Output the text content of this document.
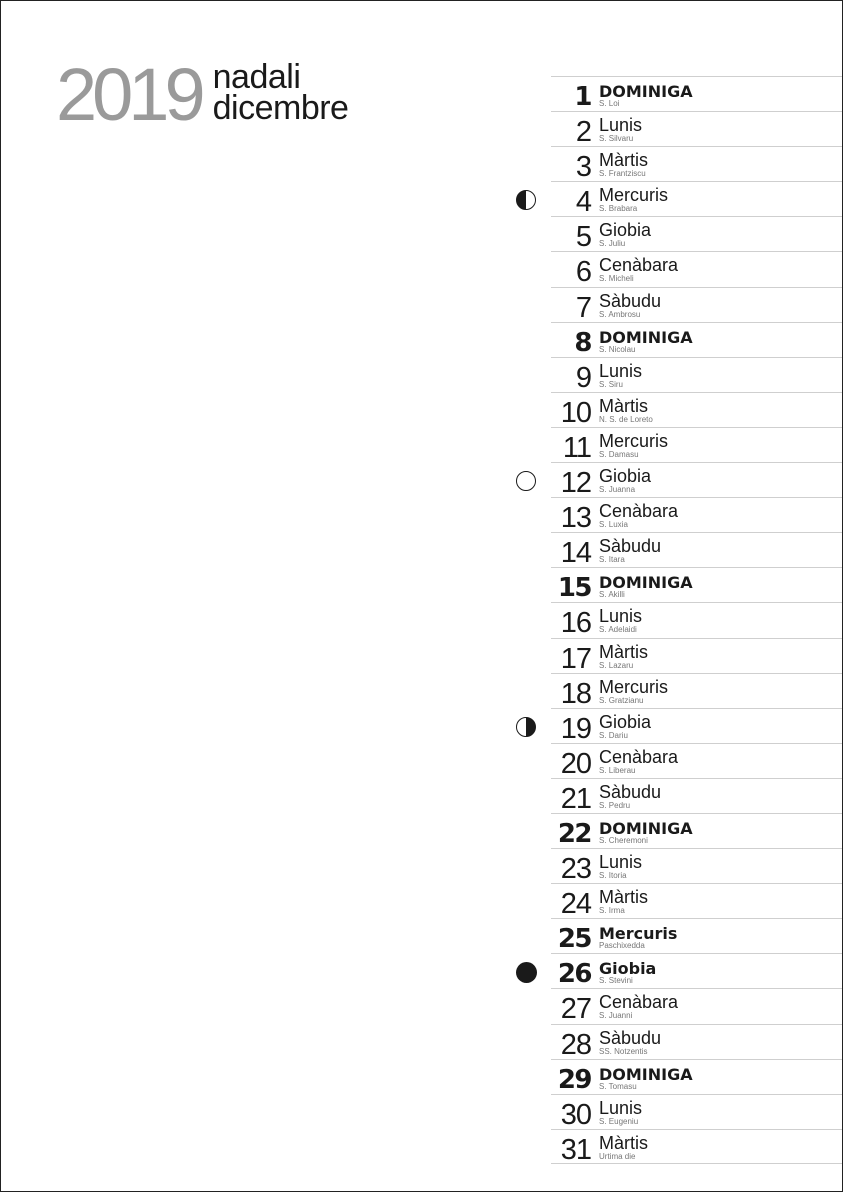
2019 nadali
dicembre	1 DOMINIGA
S. Loi
2 Lunis
S. Silvaru
3 Màrtis
S. Frantziscu
4 Mercuris
S. Brabara
5 Giobia
S. Juliu
6 Cenàbara
S. Micheli
7 Sàbudu
S. Ambrosu
8 DOMINIGA
S. Nicolau
9 Lunis
S. Siru
10 Màrtis
N. S. de Loreto
11 Mercuris
S. Damasu
12 Giobia
S. Juanna
13 Cenàbara
S. Luxia
14 Sàbudu
S. Itara
15 DOMINIGA
S. Akilli
16 Lunis
S. Adelaidi
17 Màrtis
S. Lazaru
18 Mercuris
S. Gratzianu
19 Giobia
S. Dariu
20 Cenàbara
S. Liberau
21 Sàbudu
S. Pedru
22 DOMINIGA
S. Cheremoni
23 Lunis
S. Itoria
24 Màrtis
S. Irma
25 Mercuris
Paschixedda
26 Giobia
S. Stevini
27 Cenàbara
S. Juanni
28 Sàbudu
SS. Notzentis
29 DOMINIGA
S. Tomasu
30 Lunis
S. Eugeniu
31 Màrtis
Urtima die
